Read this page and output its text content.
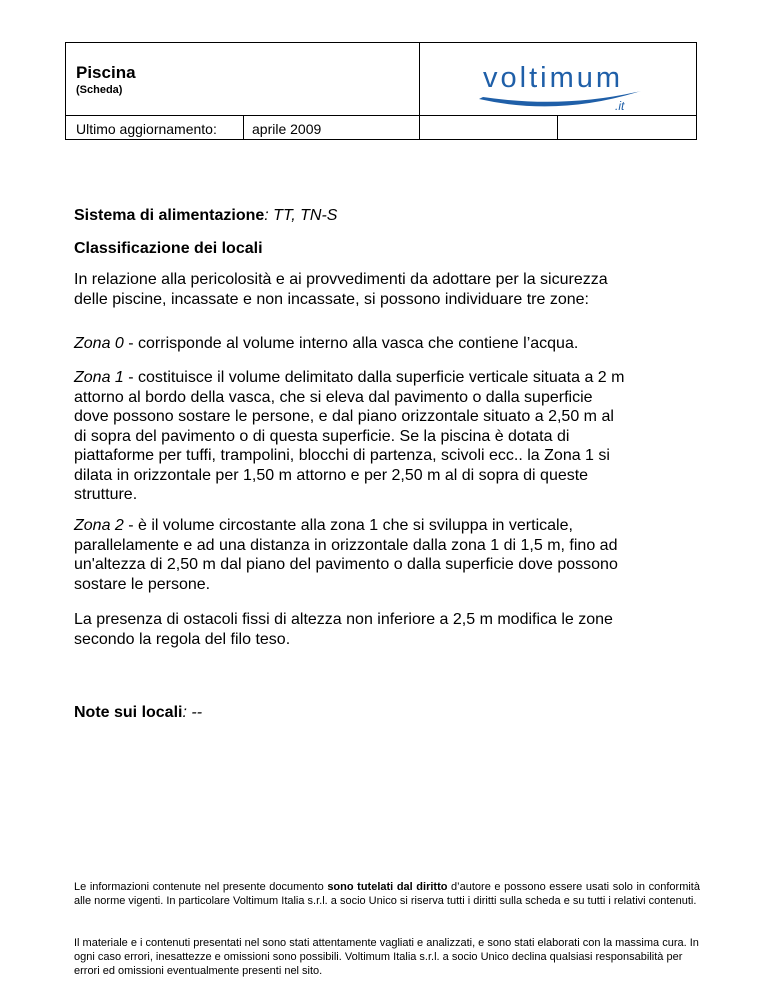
Piscina
(Scheda)
Ultimo aggiornamento:	aprile 2009
voltimum
.it
Sistema di alimentazione: TT, TN-S
Classificazione dei locali
In relazione alla pericolosità e ai provvedimenti da adottare per la sicurezza
delle piscine, incassate e non incassate, si possono individuare tre zone:
Zona 0 - corrisponde al volume interno alla vasca che contiene l’acqua.
Zona 1 - costituisce il volume delimitato dalla superficie verticale situata a 2 m
attorno al bordo della vasca, che si eleva dal pavimento o dalla superficie
dove possono sostare le persone, e dal piano orizzontale situato a 2,50 m al
di sopra del pavimento o di questa superficie. Se la piscina è dotata di
piattaforme per tuffi, trampolini, blocchi di partenza, scivoli ecc.. la Zona 1 si
dilata in orizzontale per 1,50 m attorno e per 2,50 m al di sopra di queste
strutture.
Zona 2 - è il volume circostante alla zona 1 che si sviluppa in verticale,
parallelamente e ad una distanza in orizzontale dalla zona 1 di 1,5 m, fino ad
un'altezza di 2,50 m dal piano del pavimento o dalla superficie dove possono
sostare le persone.
La presenza di ostacoli fissi di altezza non inferiore a 2,5 m modifica le zone
secondo la regola del filo teso.
Note sui locali: --
Le informazioni contenute nel presente documento sono tutelati dal diritto d’autore e possono essere usati solo in conformità alle norme vigenti. In particolare Voltimum Italia s.r.l. a socio Unico si riserva tutti i diritti sulla scheda e su tutti i relativi contenuti.
Il materiale e i contenuti presentati nel sono stati attentamente vagliati e analizzati, e sono stati elaborati con la massima cura. In ogni caso errori, inesattezze e omissioni sono possibili. Voltimum Italia s.r.l. a socio Unico declina qualsiasi responsabilità per errori ed omissioni eventualmente presenti nel sito.
